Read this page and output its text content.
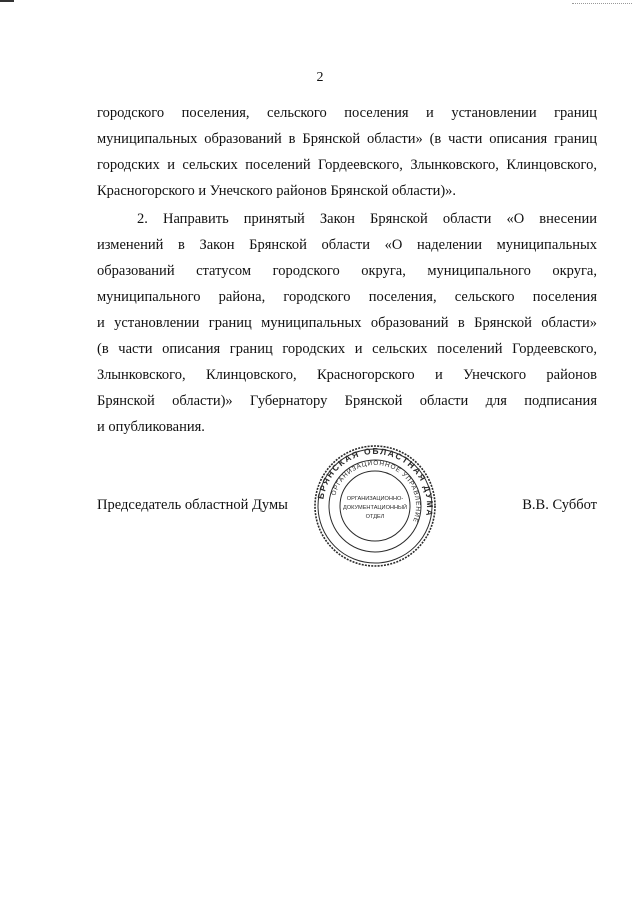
2
городского поселения, сельского поселения и установлении границ
муниципальных образований в Брянской области» (в части описания границ
городских и сельских поселений Гордеевского, Злынковского, Клинцовского,
Красногорского и Унечского районов Брянской области)».
2. Направить принятый Закон Брянской области «О внесении
изменений в Закон Брянской области «О наделении муниципальных
образований статусом городского округа, муниципального округа,
муниципального района, городского поселения, сельского поселения
и установлении границ муниципальных образований в Брянской области»
(в части описания границ городских и сельских поселений Гордеевского,
Злынковского, Клинцовского, Красногорского и Унечского районов
Брянской области)» Губернатору Брянской области для подписания
и опубликования.
Председатель областной Думы	В.В. Суббот
БРЯНСКАЯ ОБЛАСТНАЯ ДУМА
ОРГАНИЗАЦИОННОЕ УПРАВЛЕНИЕ
ОРГАНИЗАЦИОННО-
ДОКУМЕНТАЦИОННЫЙ
ОТДЕЛ
